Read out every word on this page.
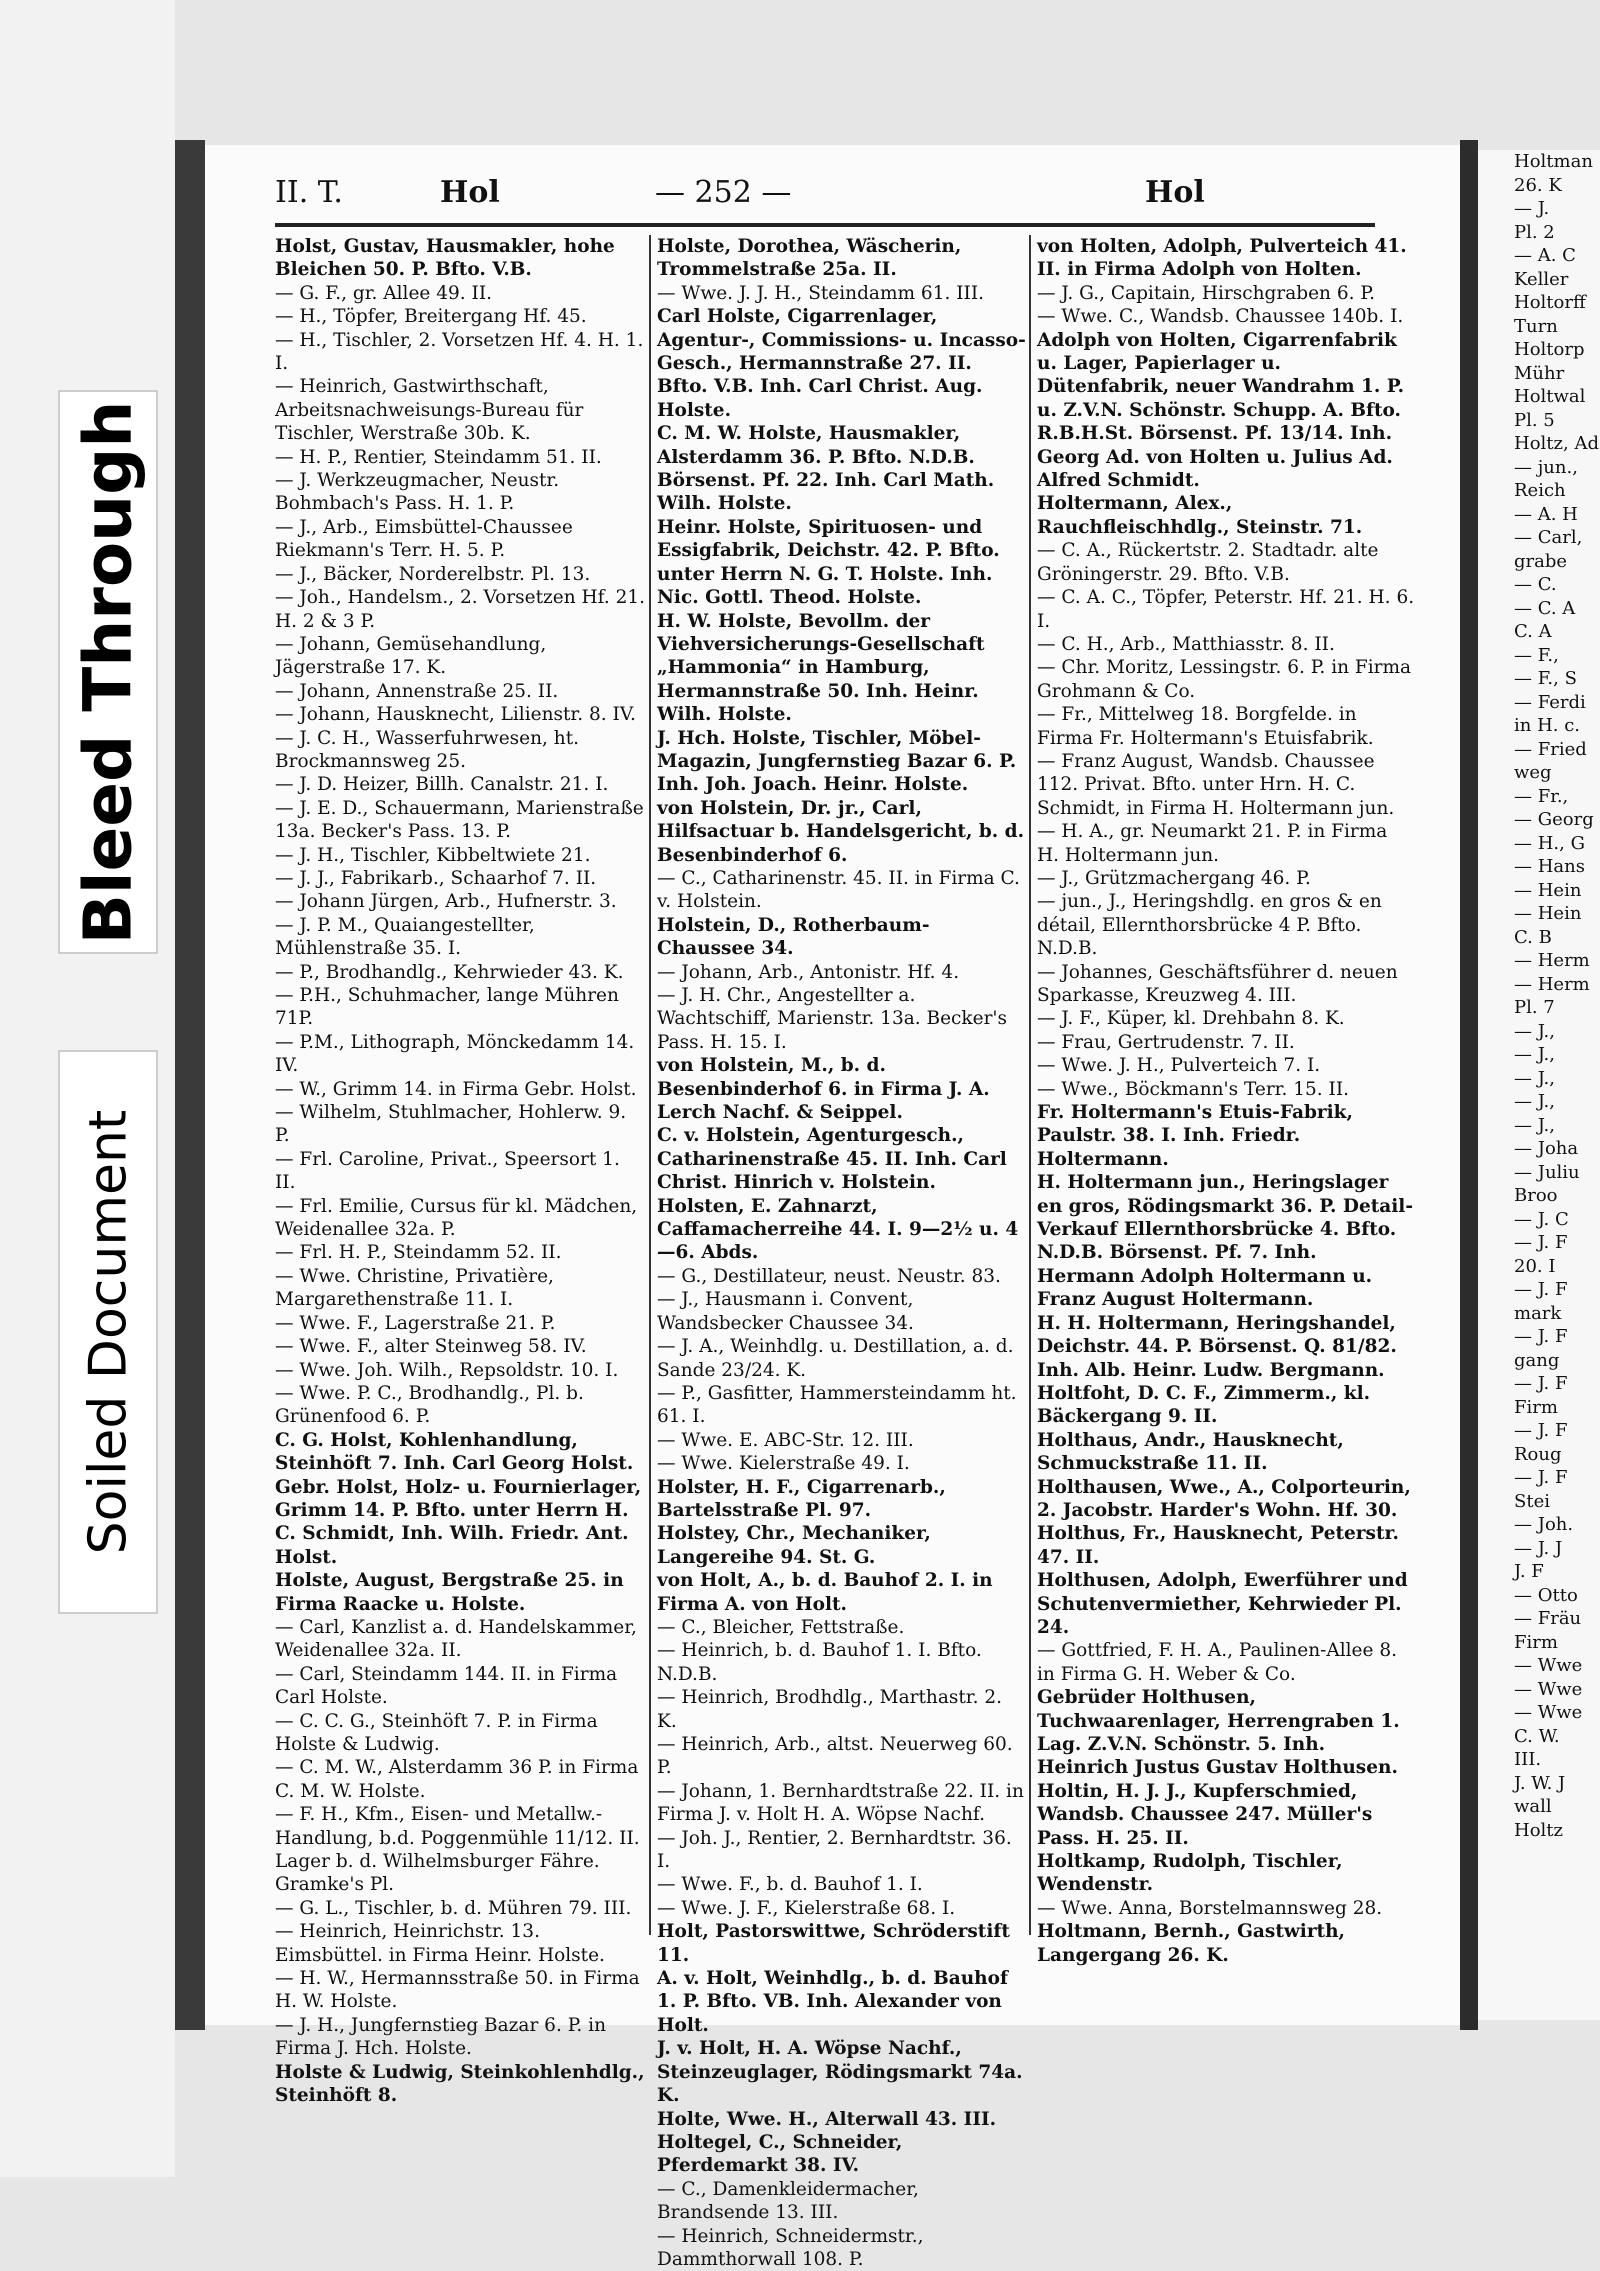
Bleed Through
Soiled Document
II. T.	Hol	— 252 —	Hol

Holst, Gustav, Hausmakler, hohe Bleichen 50. P. Bfto. V.B.

— G. F., gr. Allee 49. II.

— H., Töpfer, Breitergang Hf. 45.

— H., Tischler, 2. Vorsetzen Hf. 4. H. 1. I.

— Heinrich, Gastwirthschaft, Arbeitsnachweisungs-Bureau für Tischler, Werstraße 30b. K.

— H. P., Rentier, Steindamm 51. II.

— J. Werkzeugmacher, Neustr. Bohmbach's Pass. H. 1. P.

— J., Arb., Eimsbüttel-Chaussee Riekmann's Terr. H. 5. P.

— J., Bäcker, Norderelbstr. Pl. 13.

— Joh., Handelsm., 2. Vorsetzen Hf. 21. H. 2 & 3 P.

— Johann, Gemüsehandlung, Jägerstraße 17. K.

— Johann, Annenstraße 25. II.

— Johann, Hausknecht, Lilienstr. 8. IV.

— J. C. H., Wasserfuhrwesen, ht. Brockmannsweg 25.

— J. D. Heizer, Billh. Canalstr. 21. I.

— J. E. D., Schauermann, Marienstraße 13a. Becker's Pass. 13. P.

— J. H., Tischler, Kibbeltwiete 21.

— J. J., Fabrikarb., Schaarhof 7. II.

— Johann Jürgen, Arb., Hufnerstr. 3.

— J. P. M., Quaiangestellter, Mühlenstraße 35. I.

— P., Brodhandlg., Kehrwieder 43. K.

— P.H., Schuhmacher, lange Mühren 71P.

— P.M., Lithograph, Mönckedamm 14. IV.

— W., Grimm 14. in Firma Gebr. Holst.

— Wilhelm, Stuhlmacher, Hohlerw. 9. P.

— Frl. Caroline, Privat., Speersort 1. II.

— Frl. Emilie, Cursus für kl. Mädchen, Weidenallee 32a. P.

— Frl. H. P., Steindamm 52. II.

— Wwe. Christine, Privatière, Margarethenstraße 11. I.

— Wwe. F., Lagerstraße 21. P.

— Wwe. F., alter Steinweg 58. IV.

— Wwe. Joh. Wilh., Repsoldstr. 10. I.

— Wwe. P. C., Brodhandlg., Pl. b. Grünenfood 6. P.

C. G. Holst, Kohlenhandlung, Steinhöft 7. Inh. Carl Georg Holst.

Gebr. Holst, Holz- u. Fournierlager, Grimm 14. P. Bfto. unter Herrn H. C. Schmidt, Inh. Wilh. Friedr. Ant. Holst.

Holste, August, Bergstraße 25. in Firma Raacke u. Holste.

— Carl, Kanzlist a. d. Handelskammer, Weidenallee 32a. II.

— Carl, Steindamm 144. II. in Firma Carl Holste.

— C. C. G., Steinhöft 7. P. in Firma Holste & Ludwig.

— C. M. W., Alsterdamm 36 P. in Firma C. M. W. Holste.

— F. H., Kfm., Eisen- und Metallw.-Handlung, b.d. Poggenmühle 11/12. II. Lager b. d. Wilhelmsburger Fähre. Gramke's Pl.

— G. L., Tischler, b. d. Mühren 79. III.

— Heinrich, Heinrichstr. 13. Eimsbüttel. in Firma Heinr. Holste.

— H. W., Hermannsstraße 50. in Firma H. W. Holste.

— J. H., Jungfernstieg Bazar 6. P. in Firma J. Hch. Holste.

Holste & Ludwig, Steinkohlenhdlg., Steinhöft 8.

Holste, Dorothea, Wäscherin, Trommelstraße 25a. II.

— Wwe. J. J. H., Steindamm 61. III.

Carl Holste, Cigarrenlager, Agentur-, Commissions- u. Incasso-Gesch., Hermannstraße 27. II. Bfto. V.B. Inh. Carl Christ. Aug. Holste.

C. M. W. Holste, Hausmakler, Alsterdamm 36. P. Bfto. N.D.B. Börsenst. Pf. 22. Inh. Carl Math. Wilh. Holste.

Heinr. Holste, Spirituosen- und Essigfabrik, Deichstr. 42. P. Bfto. unter Herrn N. G. T. Holste. Inh. Nic. Gottl. Theod. Holste.

H. W. Holste, Bevollm. der Viehversicherungs-Gesellschaft „Hammonia“ in Hamburg, Hermannstraße 50. Inh. Heinr. Wilh. Holste.

J. Hch. Holste, Tischler, Möbel-Magazin, Jungfernstieg Bazar 6. P. Inh. Joh. Joach. Heinr. Holste.

von Holstein, Dr. jr., Carl, Hilfsactuar b. Handelsgericht, b. d. Besenbinderhof 6.

— C., Catharinenstr. 45. II. in Firma C. v. Holstein.

Holstein, D., Rotherbaum-Chaussee 34.

— Johann, Arb., Antonistr. Hf. 4.

— J. H. Chr., Angestellter a. Wachtschiff, Marienstr. 13a. Becker's Pass. H. 15. I.

von Holstein, M., b. d. Besenbinderhof 6. in Firma J. A. Lerch Nachf. & Seippel.

C. v. Holstein, Agenturgesch., Catharinenstraße 45. II. Inh. Carl Christ. Hinrich v. Holstein.

Holsten, E. Zahnarzt, Caffamacherreihe 44. I. 9—2½ u. 4—6. Abds.

— G., Destillateur, neust. Neustr. 83.

— J., Hausmann i. Convent, Wandsbecker Chaussee 34.

— J. A., Weinhdlg. u. Destillation, a. d. Sande 23/24. K.

— P., Gasfitter, Hammersteindamm ht. 61. I.

— Wwe. E. ABC-Str. 12. III.

— Wwe. Kielerstraße 49. I.

Holster, H. F., Cigarrenarb., Bartelsstraße Pl. 97.

Holstey, Chr., Mechaniker, Langereihe 94. St. G.

von Holt, A., b. d. Bauhof 2. I. in Firma A. von Holt.

— C., Bleicher, Fettstraße.

— Heinrich, b. d. Bauhof 1. I. Bfto. N.D.B.

— Heinrich, Brodhdlg., Marthastr. 2. K.

— Heinrich, Arb., altst. Neuerweg 60. P.

— Johann, 1. Bernhardtstraße 22. II. in Firma J. v. Holt H. A. Wöpse Nachf.

— Joh. J., Rentier, 2. Bernhardtstr. 36. I.

— Wwe. F., b. d. Bauhof 1. I.

— Wwe. J. F., Kielerstraße 68. I.

Holt, Pastorswittwe, Schröderstift 11.

A. v. Holt, Weinhdlg., b. d. Bauhof 1. P. Bfto. VB. Inh. Alexander von Holt.

J. v. Holt, H. A. Wöpse Nachf., Steinzeuglager, Rödingsmarkt 74a. K.

Holte, Wwe. H., Alterwall 43. III.

Holtegel, C., Schneider, Pferdemarkt 38. IV.

— C., Damenkleidermacher, Brandsende 13. III.

— Heinrich, Schneidermstr., Dammthorwall 108. P.

von Holten, Adolph, Pulverteich 41. II. in Firma Adolph von Holten.

— J. G., Capitain, Hirschgraben 6. P.

— Wwe. C., Wandsb. Chaussee 140b. I.

Adolph von Holten, Cigarrenfabrik u. Lager, Papierlager u. Dütenfabrik, neuer Wandrahm 1. P. u. Z.V.N. Schönstr. Schupp. A. Bfto. R.B.H.St. Börsenst. Pf. 13/14. Inh. Georg Ad. von Holten u. Julius Ad. Alfred Schmidt.

Holtermann, Alex., Rauchfleischhdlg., Steinstr. 71.

— C. A., Rückertstr. 2. Stadtadr. alte Gröningerstr. 29. Bfto. V.B.

— C. A. C., Töpfer, Peterstr. Hf. 21. H. 6. I.

— C. H., Arb., Matthiasstr. 8. II.

— Chr. Moritz, Lessingstr. 6. P. in Firma Grohmann & Co.

— Fr., Mittelweg 18. Borgfelde. in Firma Fr. Holtermann's Etuisfabrik.

— Franz August, Wandsb. Chaussee 112. Privat. Bfto. unter Hrn. H. C. Schmidt, in Firma H. Holtermann jun.

— H. A., gr. Neumarkt 21. P. in Firma H. Holtermann jun.

— J., Grützmachergang 46. P.

— jun., J., Heringshdlg. en gros & en détail, Ellernthorsbrücke 4 P. Bfto. N.D.B.

— Johannes, Geschäftsführer d. neuen Sparkasse, Kreuzweg 4. III.

— J. F., Küper, kl. Drehbahn 8. K.

— Frau, Gertrudenstr. 7. II.

— Wwe. J. H., Pulverteich 7. I.

— Wwe., Böckmann's Terr. 15. II.

Fr. Holtermann's Etuis-Fabrik, Paulstr. 38. I. Inh. Friedr. Holtermann.

H. Holtermann jun., Heringslager en gros, Rödingsmarkt 36. P. Detail-Verkauf Ellernthorsbrücke 4. Bfto. N.D.B. Börsenst. Pf. 7. Inh. Hermann Adolph Holtermann u. Franz August Holtermann.

H. H. Holtermann, Heringshandel, Deichstr. 44. P. Börsenst. Q. 81/82. Inh. Alb. Heinr. Ludw. Bergmann.

Holtfoht, D. C. F., Zimmerm., kl. Bäckergang 9. II.

Holthaus, Andr., Hausknecht, Schmuckstraße 11. II.

Holthausen, Wwe., A., Colporteurin, 2. Jacobstr. Harder's Wohn. Hf. 30.

Holthus, Fr., Hausknecht, Peterstr. 47. II.

Holthusen, Adolph, Ewerführer und Schutenvermiether, Kehrwieder Pl. 24.

— Gottfried, F. H. A., Paulinen-Allee 8. in Firma G. H. Weber & Co.

Gebrüder Holthusen, Tuchwaarenlager, Herrengraben 1. Lag. Z.V.N. Schönstr. 5. Inh. Heinrich Justus Gustav Holthusen.

Holtin, H. J. J., Kupferschmied, Wandsb. Chaussee 247. Müller's Pass. H. 25. II.

Holtkamp, Rudolph, Tischler, Wendenstr.

— Wwe. Anna, Borstelmannsweg 28.

Holtmann, Bernh., Gastwirth, Langergang 26. K.

Holtman
26. K
— J.
Pl. 2
— A. C
Keller
Holtorff
Turn
Holtorp
Mühr
Holtwal
Pl. 5
Holtz, Ad
— jun.,
Reich
— A. H
— Carl,
grabe
— C.
— C. A
C. A
— F.,
— F., S
— Ferdi
in H. c.
— Fried
weg
— Fr.,
— Georg
— H., G
— Hans
— Hein
— Hein
C. B
— Herm
— Herm
Pl. 7
— J.,
— J.,
— J.,
— J.,
— J.,
— Joha
— Juliu
Broo
— J. C
— J. F
20. I
— J. F
mark
— J. F
gang
— J. F
Firm
— J. F
Roug
— J. F
Stei
— Joh.
— J. J
J. F
— Otto
— Fräu
Firm
— Wwe
— Wwe
— Wwe
C. W.
III.
J. W. J
wall
Holtz
